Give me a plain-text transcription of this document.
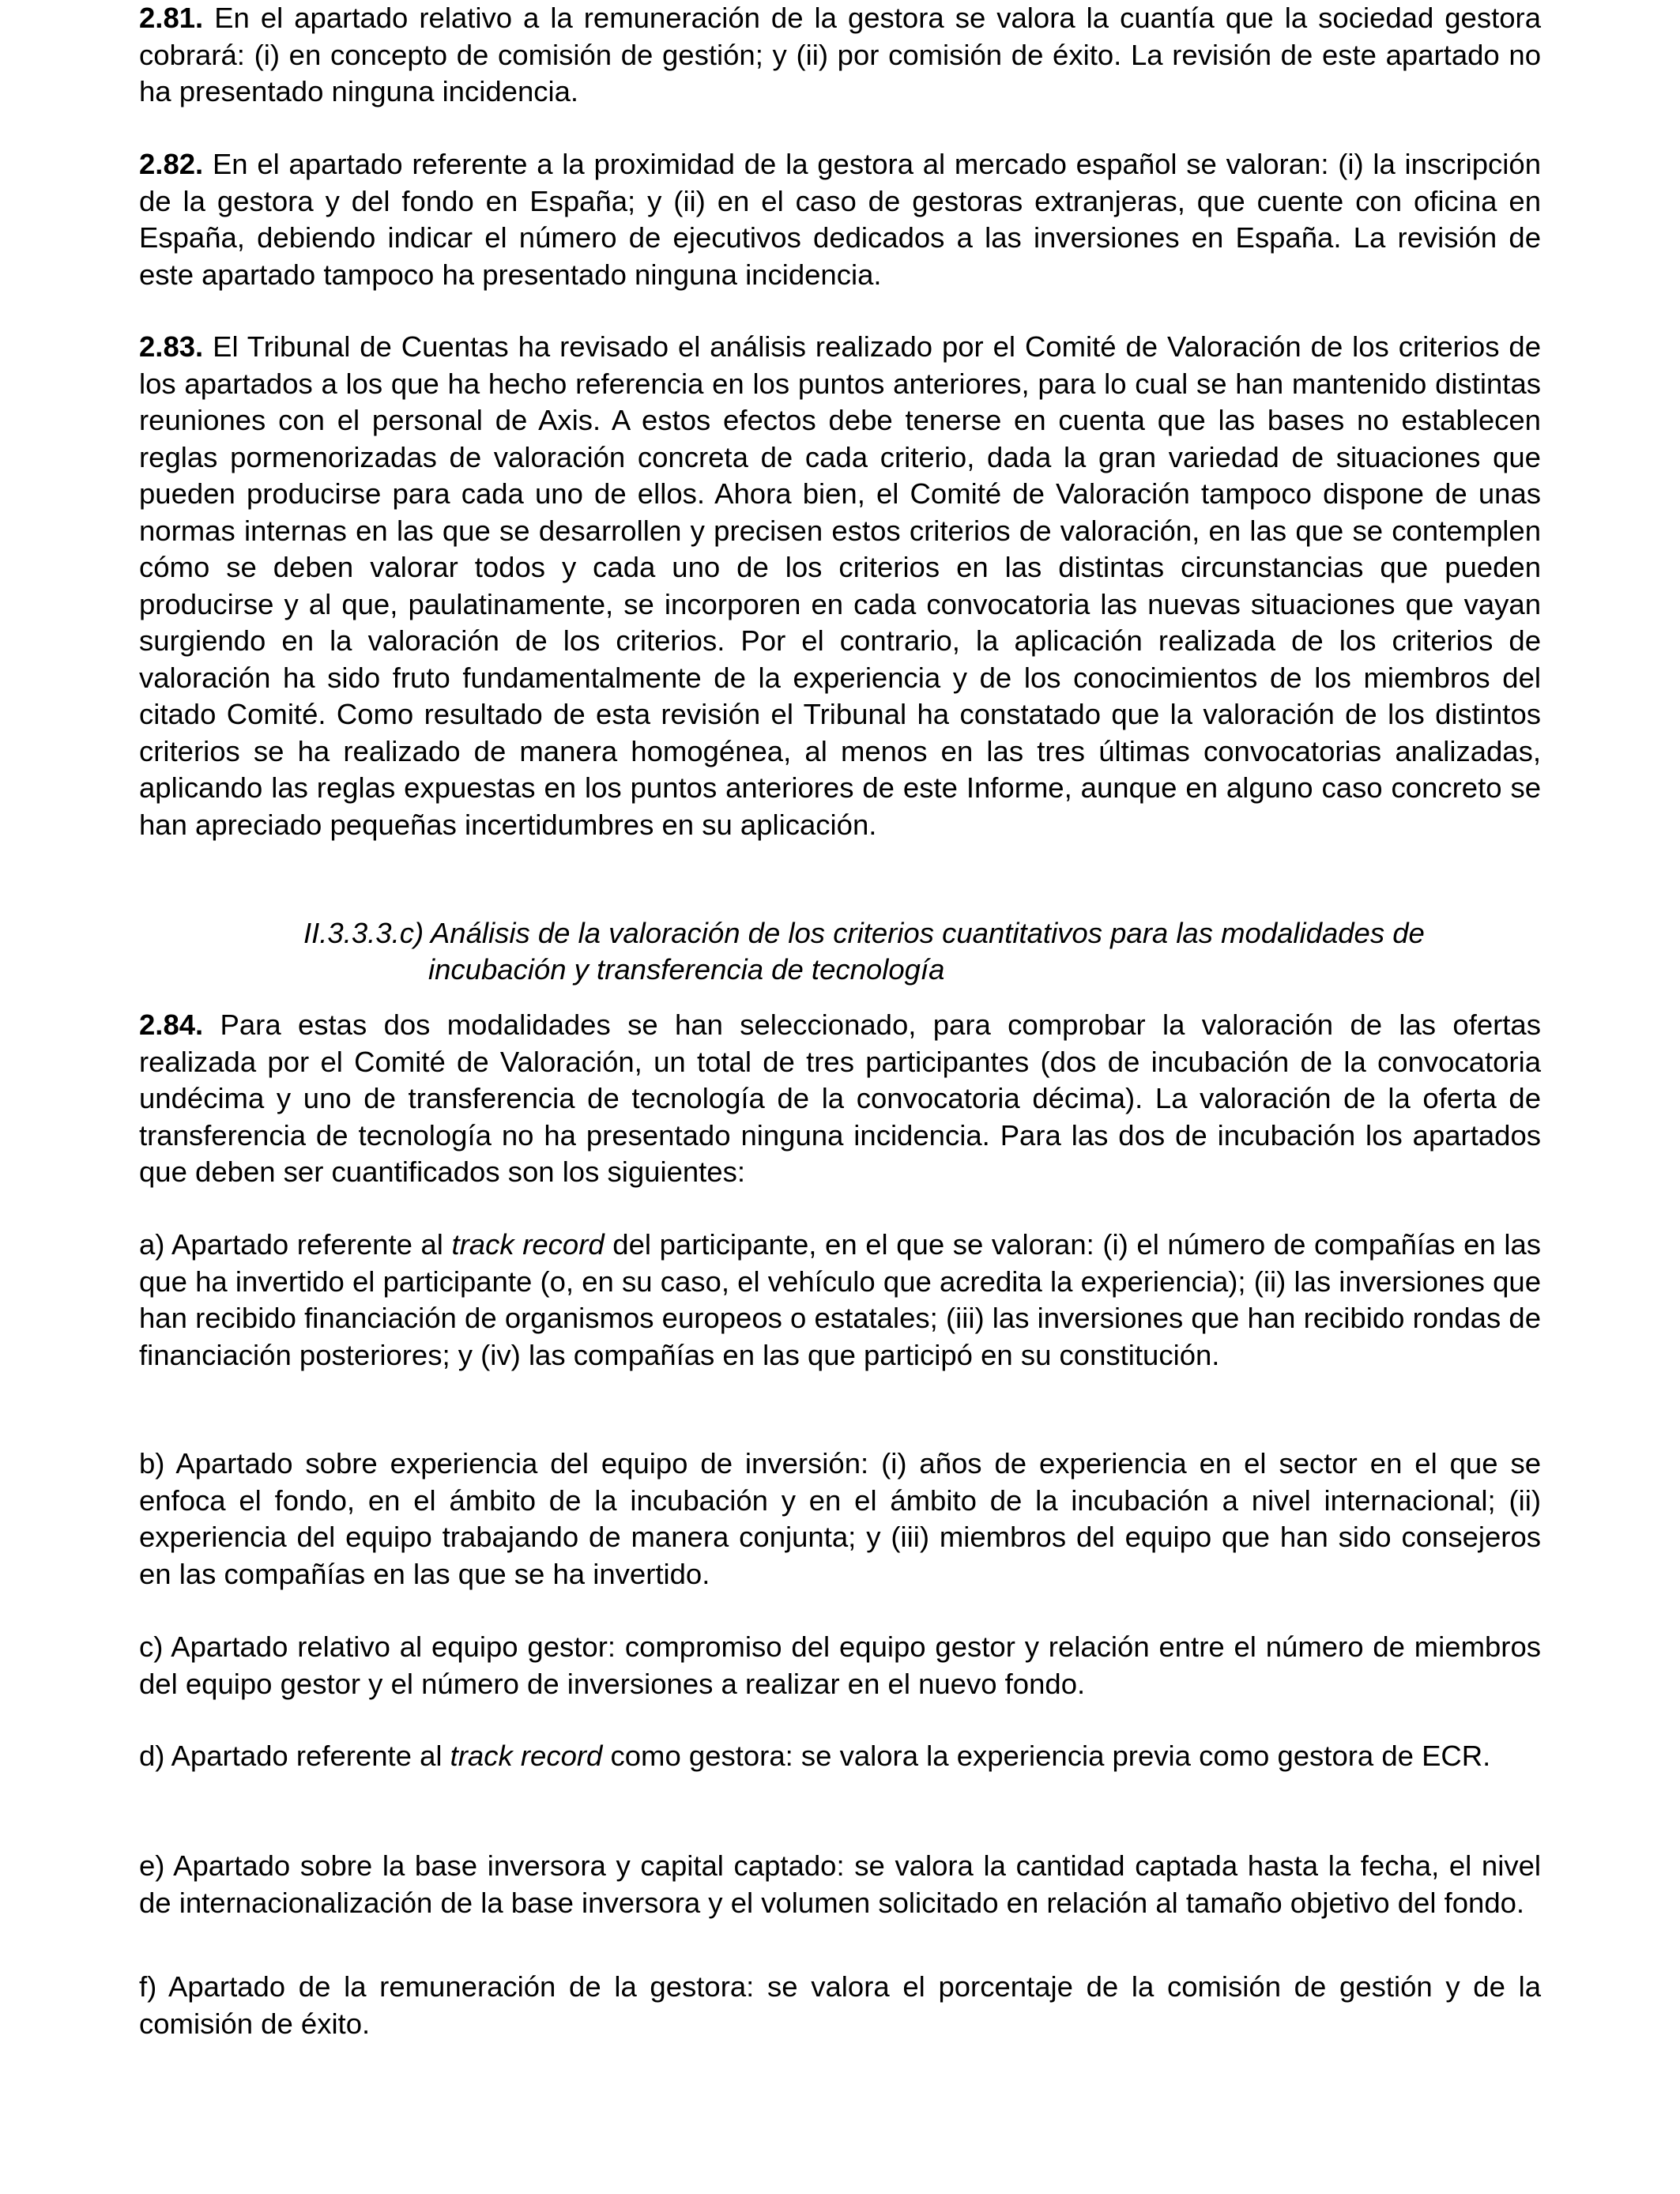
2.81. En el apartado relativo a la remuneración de la gestora se valora la cuantía que la sociedad gestora cobrará: (i) en concepto de comisión de gestión; y (ii) por comisión de éxito. La revisión de este apartado no ha presentado ninguna incidencia.

2.82. En el apartado referente a la proximidad de la gestora al mercado español se valoran: (i) la inscripción de la gestora y del fondo en España; y (ii) en el caso de gestoras extranjeras, que cuente con oficina en España, debiendo indicar el número de ejecutivos dedicados a las inversiones en España. La revisión de este apartado tampoco ha presentado ninguna incidencia.

2.83. El Tribunal de Cuentas ha revisado el análisis realizado por el Comité de Valoración de los criterios de los apartados a los que ha hecho referencia en los puntos anteriores, para lo cual se han mantenido distintas reuniones con el personal de Axis. A estos efectos debe tenerse en cuenta que las bases no establecen reglas pormenorizadas de valoración concreta de cada criterio, dada la gran variedad de situaciones que pueden producirse para cada uno de ellos. Ahora bien, el Comité de Valoración tampoco dispone de unas normas internas en las que se desarrollen y precisen estos criterios de valoración, en las que se contemplen cómo se deben valorar todos y cada uno de los criterios en las distintas circunstancias que pueden producirse y al que, paulatinamente, se incorporen en cada convocatoria las nuevas situaciones que vayan surgiendo en la valoración de los criterios. Por el contrario, la aplicación realizada de los criterios de valoración ha sido fruto fundamentalmente de la experiencia y de los conocimientos de los miembros del citado Comité. Como resultado de esta revisión el Tribunal ha constatado que la valoración de los distintos criterios se ha realizado de manera homogénea, al menos en las tres últimas convocatorias analizadas, aplicando las reglas expuestas en los puntos anteriores de este Informe, aunque en alguno caso concreto se han apreciado pequeñas incertidumbres en su aplicación.

II.3.3.3.c) Análisis de la valoración de los criterios cuantitativos para las modalidades de
incubación y transferencia de tecnología

2.84. Para estas dos modalidades se han seleccionado, para comprobar la valoración de las ofertas realizada por el Comité de Valoración, un total de tres participantes (dos de incubación de la convocatoria undécima y uno de transferencia de tecnología de la convocatoria décima). La valoración de la oferta de transferencia de tecnología no ha presentado ninguna incidencia. Para las dos de incubación los apartados que deben ser cuantificados son los siguientes:

a) Apartado referente al track record del participante, en el que se valoran: (i) el número de compañías en las que ha invertido el participante (o, en su caso, el vehículo que acredita la experiencia); (ii) las inversiones que han recibido financiación de organismos europeos o estatales; (iii) las inversiones que han recibido rondas de financiación posteriores; y (iv) las compañías en las que participó en su constitución.

b) Apartado sobre experiencia del equipo de inversión: (i) años de experiencia en el sector en el que se enfoca el fondo, en el ámbito de la incubación y en el ámbito de la incubación a nivel internacional; (ii) experiencia del equipo trabajando de manera conjunta; y (iii) miembros del equipo que han sido consejeros en las compañías en las que se ha invertido.

c) Apartado relativo al equipo gestor: compromiso del equipo gestor y relación entre el número de miembros del equipo gestor y el número de inversiones a realizar en el nuevo fondo.

d) Apartado referente al track record como gestora: se valora la experiencia previa como gestora de ECR.

e) Apartado sobre la base inversora y capital captado: se valora la cantidad captada hasta la fecha, el nivel de internacionalización de la base inversora y el volumen solicitado en relación al tamaño objetivo del fondo.

f) Apartado de la remuneración de la gestora: se valora el porcentaje de la comisión de gestión y de la comisión de éxito.
